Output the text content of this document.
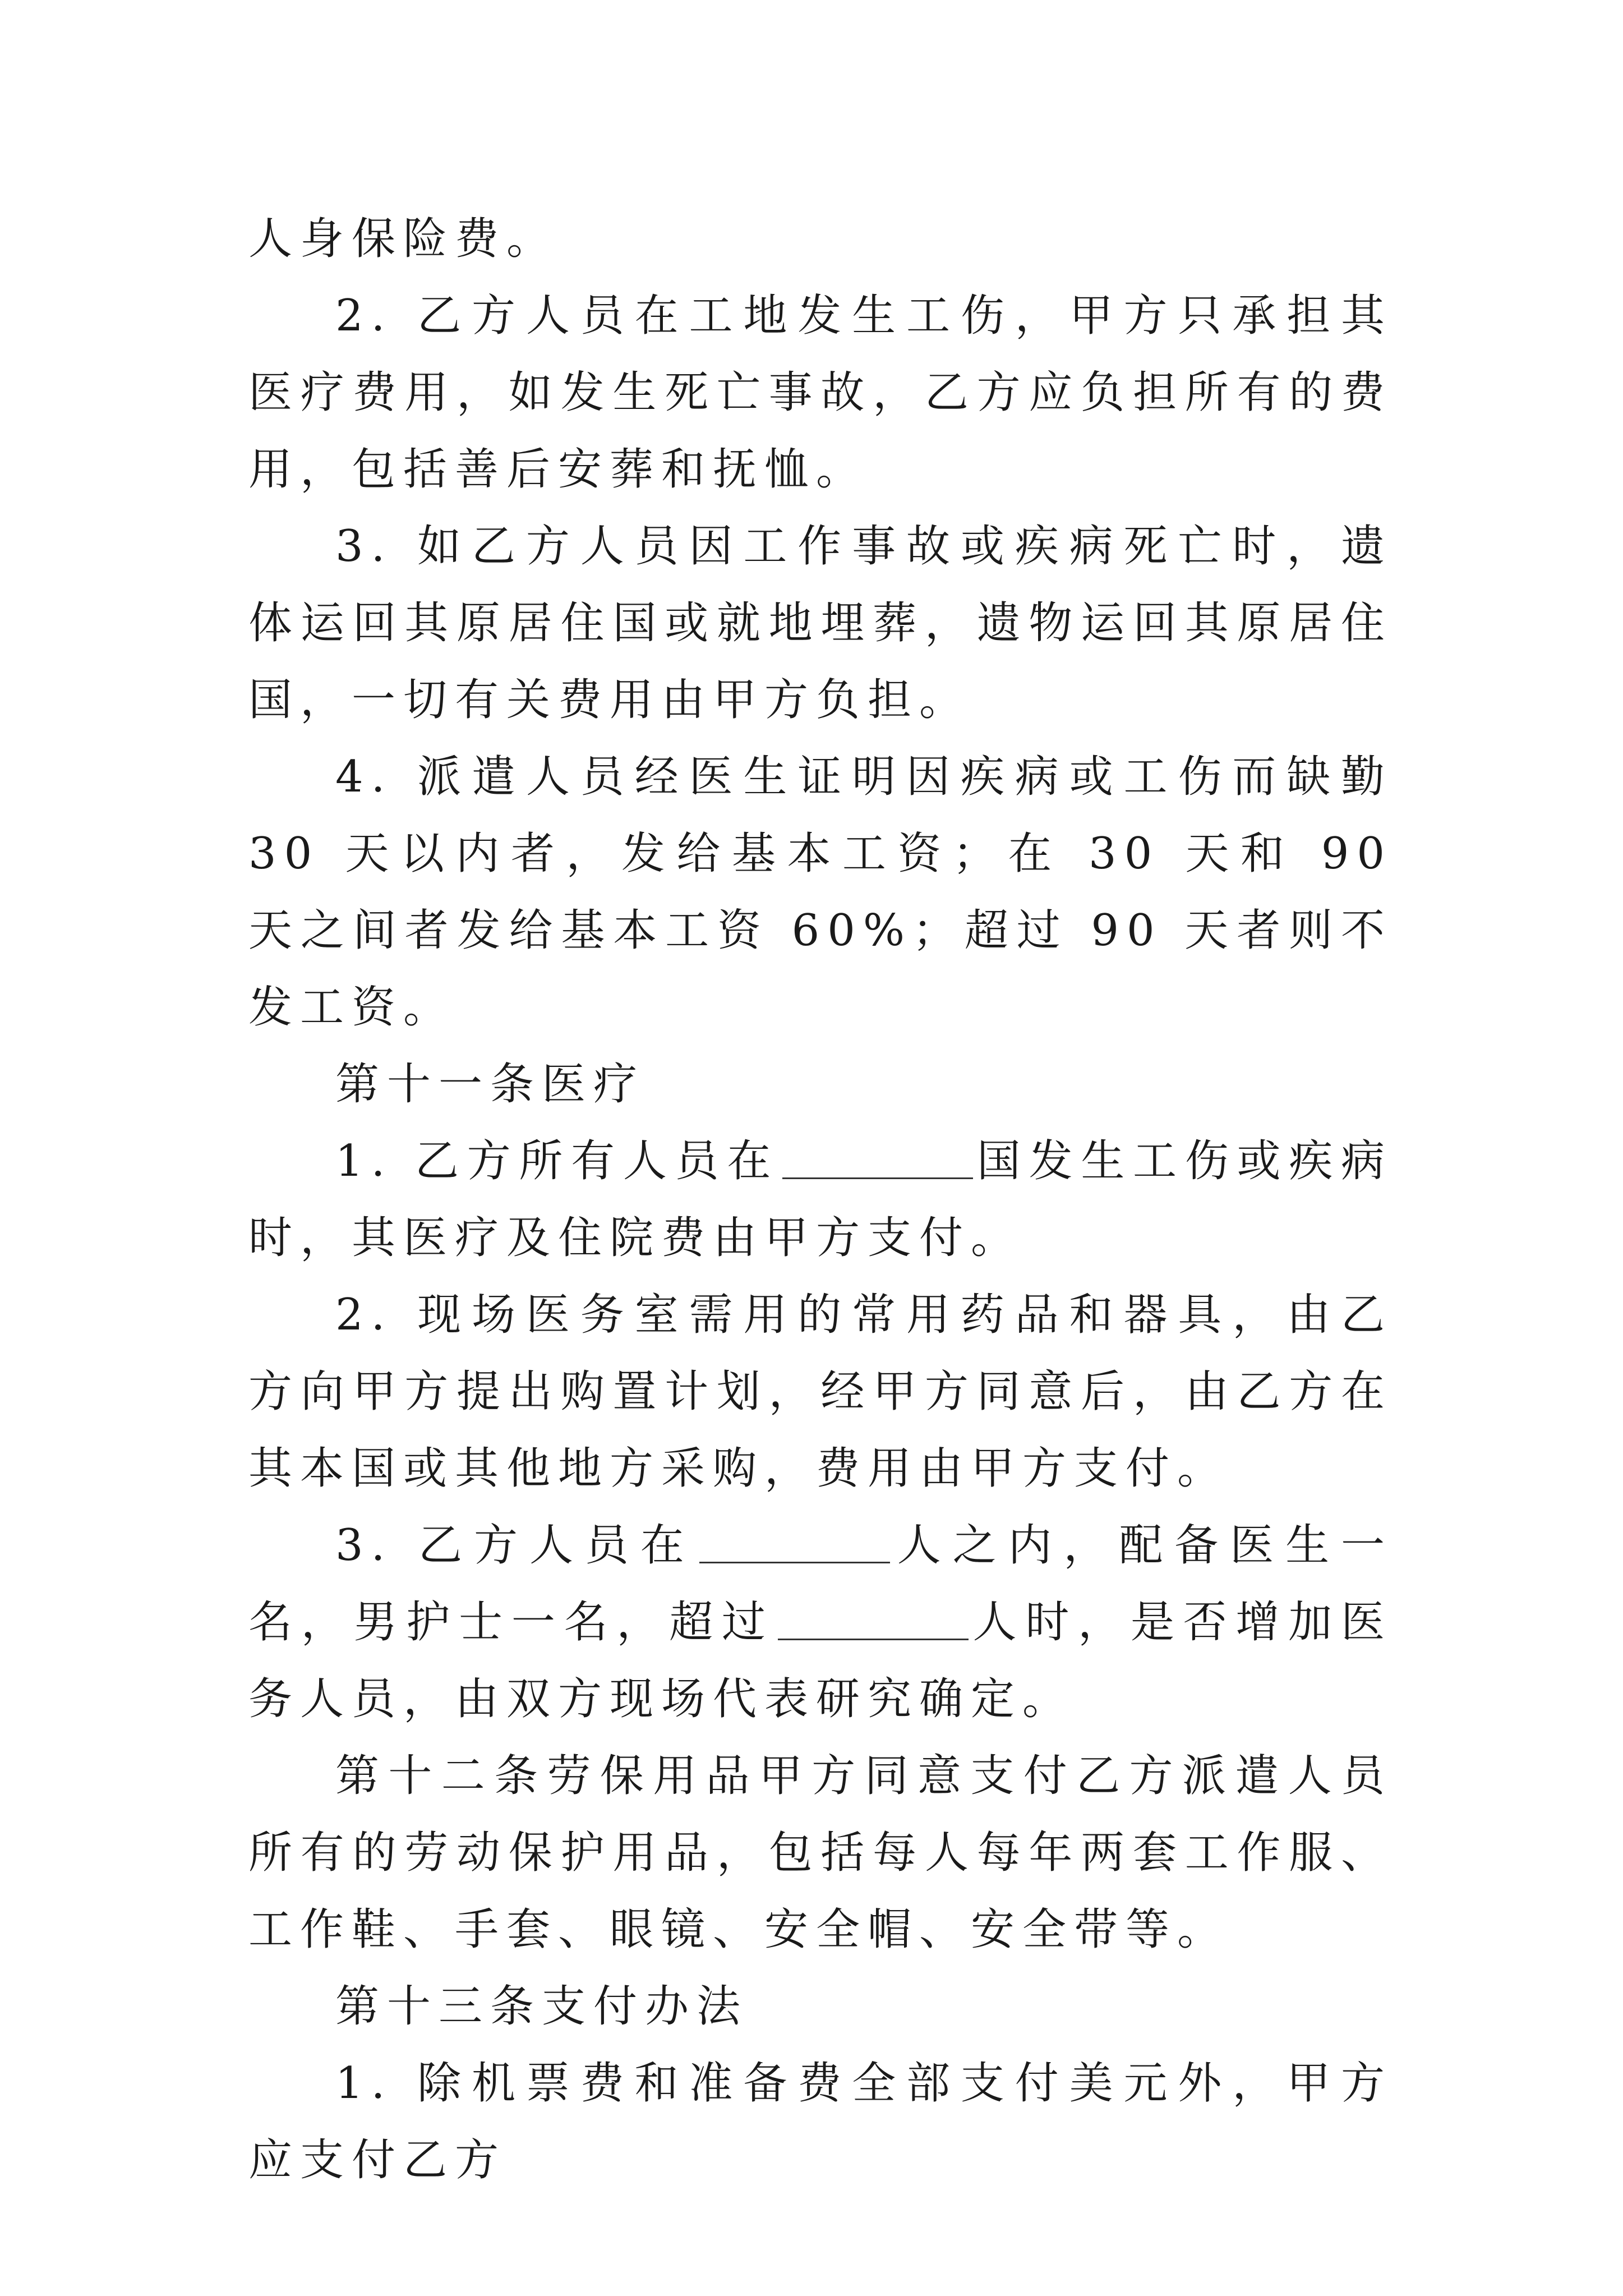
人身保险费。

2. 乙方人员在工地发生工伤，甲方只承担其医疗费用，如发生死亡事故，乙方应负担所有的费用，包括善后安葬和抚恤。

3. 如乙方人员因工作事故或疾病死亡时，遗体运回其原居住国或就地埋葬，遗物运回其原居住国，一切有关费用由甲方负担。

4. 派遣人员经医生证明因疾病或工伤而缺勤 30 天以内者，发给基本工资；在 30 天和 90 天之间者发给基本工资 60%；超过 90 天者则不发工资。

第十一条医疗

1. 乙方所有人员在	国发生工伤或疾病时，其医疗及住院费由甲方支付。

2. 现场医务室需用的常用药品和器具，由乙方向甲方提出购置计划，经甲方同意后，由乙方在其本国或其他地方采购，费用由甲方支付。

3. 乙方人员在	人之内，配备医生一名，男护士一名，超过	人时，是否增加医务人员，由双方现场代表研究确定。

第十二条劳保用品甲方同意支付乙方派遣人员所有的劳动保护用品，包括每人每年两套工作服、工作鞋、手套、眼镜、安全帽、安全带等。

第十三条支付办法

1. 除机票费和准备费全部支付美元外，甲方应支付乙方
